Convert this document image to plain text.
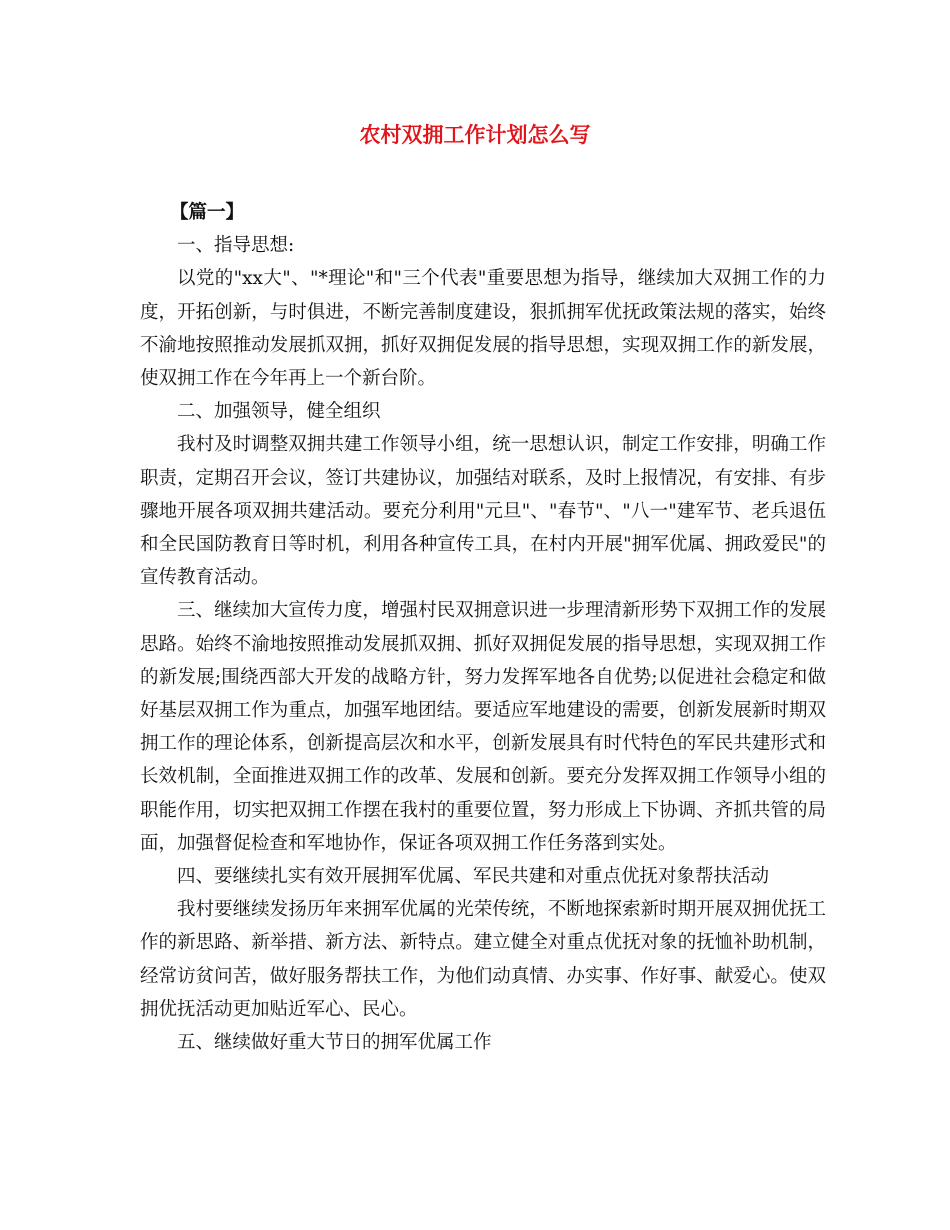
农村双拥工作计划怎么写

【篇一】

一、指导思想:

以党的"xx大"、"*理论"和"三个代表"重要思想为指导，继续加大双拥工作的力度，开拓创新，与时俱进，不断完善制度建设，狠抓拥军优抚政策法规的落实，始终不渝地按照推动发展抓双拥，抓好双拥促发展的指导思想，实现双拥工作的新发展，使双拥工作在今年再上一个新台阶。

二、加强领导，健全组织

我村及时调整双拥共建工作领导小组，统一思想认识，制定工作安排，明确工作职责，定期召开会议，签订共建协议，加强结对联系，及时上报情况，有安排、有步骤地开展各项双拥共建活动。要充分利用"元旦"、"春节"、"八一"建军节、老兵退伍和全民国防教育日等时机，利用各种宣传工具，在村内开展"拥军优属、拥政爱民"的宣传教育活动。

三、继续加大宣传力度，增强村民双拥意识进一步理清新形势下双拥工作的发展思路。始终不渝地按照推动发展抓双拥、抓好双拥促发展的指导思想，实现双拥工作的新发展;围绕西部大开发的战略方针，努力发挥军地各自优势;以促进社会稳定和做好基层双拥工作为重点，加强军地团结。要适应军地建设的需要，创新发展新时期双拥工作的理论体系，创新提高层次和水平，创新发展具有时代特色的军民共建形式和长效机制，全面推进双拥工作的改革、发展和创新。要充分发挥双拥工作领导小组的职能作用，切实把双拥工作摆在我村的重要位置，努力形成上下协调、齐抓共管的局面，加强督促检查和军地协作，保证各项双拥工作任务落到实处。

四、要继续扎实有效开展拥军优属、军民共建和对重点优抚对象帮扶活动

我村要继续发扬历年来拥军优属的光荣传统，不断地探索新时期开展双拥优抚工作的新思路、新举措、新方法、新特点。建立健全对重点优抚对象的抚恤补助机制，经常访贫问苦，做好服务帮扶工作，为他们动真情、办实事、作好事、献爱心。使双拥优抚活动更加贴近军心、民心。

五、继续做好重大节日的拥军优属工作
